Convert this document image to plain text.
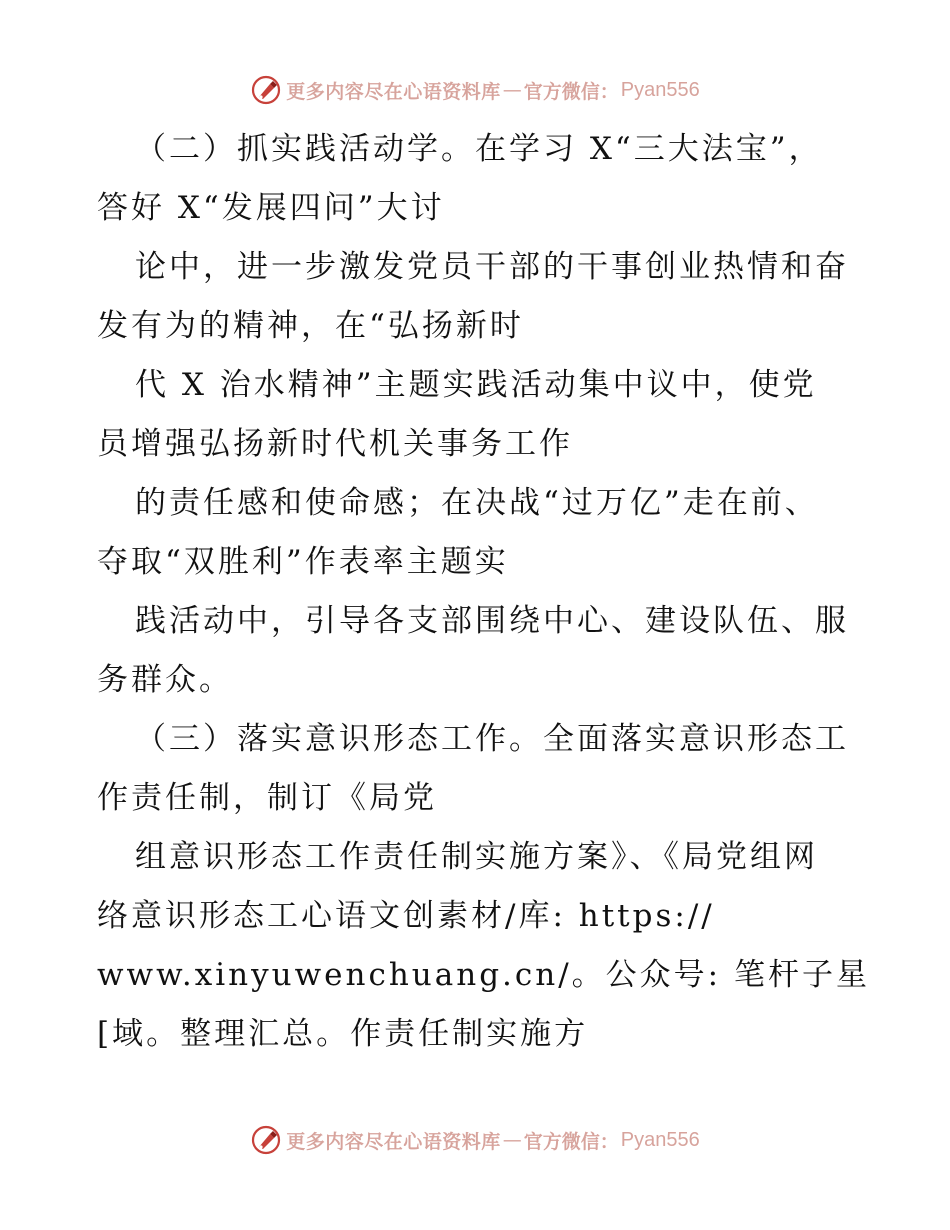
更多内容尽在心语资料库 — 官方微信： Pyan556
（二）抓实践活动学。在学习 X“三大法宝”，
答好 X“发展四问”大讨
论中，进一步激发党员干部的干事创业热情和奋
发有为的精神，在“弘扬新时
代 X 治水精神”主题实践活动集中议中，使党
员增强弘扬新时代机关事务工作
的责任感和使命感；在决战“过万亿”走在前、
夺取“双胜利”作表率主题实
践活动中，引导各支部围绕中心、建设队伍、服
务群众。
（三）落实意识形态工作。全面落实意识形态工
作责任制，制订《局党
组意识形态工作责任制实施方案》、《局党组网
络意识形态工心语文创素材/库: https://
www.xinyuwenchuang.cn/。公众号: 笔杆子星
[域。整理汇总。作责任制实施方
更多内容尽在心语资料库 — 官方微信： Pyan556
